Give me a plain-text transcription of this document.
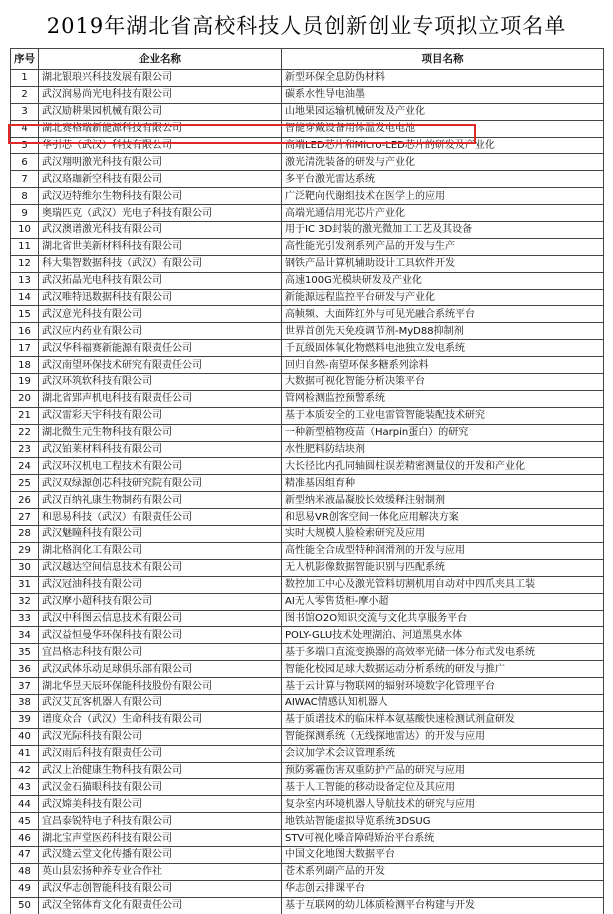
2019年湖北省高校科技人员创新创业专项拟立项名单
序号	企业名称	项目名称
1	湖北银琅兴科技发展有限公司	新型环保全息防伪材料
2	武汉润易尚光电科技有限公司	碳系水性导电油墨
3	武汉励耕果园机械有限公司	山地果园运输机械研发及产业化
4	湖北赛格瑞新能源科技有限公司	智能穿戴设备用体温发电电池
5	华引芯（武汉）科技有限公司	高端LED芯片和Micro-LED芯片的研发及产业化
6	武汉翔明激光科技有限公司	激光清洗装备的研发与产业化
7	武汉珞珈新空科技有限公司	多平台激光雷达系统
8	武汉迈特维尔生物科技有限公司	广泛靶向代谢组技术在医学上的应用
9	奥瑞匹克（武汉）光电子科技有限公司	高端光通信用光芯片产业化
10	武汉澳谱激光科技有限公司	用于IC 3D封装的激光微加工工艺及其设备
11	湖北省世美新材料科技有限公司	高性能光引发剂系列产品的开发与生产
12	科大集智数据科技（武汉）有限公司	钢铁产品计算机辅助设计工具软件开发
13	武汉拓晶光电科技有限公司	高速100G光模块研发及产业化
14	武汉唯特迅数据科技有限公司	新能源远程监控平台研发与产业化
15	武汉意光科技有限公司	高帧频、大面阵红外与可见光融合系统平台
16	武汉应内药业有限公司	世界首创先天免疫调节剂-MyD88抑制剂
17	武汉华科福赛新能源有限责任公司	千瓦级固体氧化物燃料电池独立发电系统
18	武汉南望环保技术研究有限责任公司	回归自然-南望环保多糖系列涂料
19	武汉环筑软科技有限公司	大数据可视化智能分析决策平台
20	湖北省郢声机电科技有限责任公司	管网检测监控预警系统
21	武汉雷彩天宇科技有限公司	基于本质安全的工业电雷管智能装配技术研究
22	湖北微生元生物科技有限公司	一种新型植物疫苗（Harpin蛋白）的研究
23	武汉铂莱材料科技有限公司	水性肥料防结块剂
24	武汉环汉机电工程技术有限公司	大长径比内孔同轴圆柱误差精密测量仪的开发和产业化
25	武汉双绿源创芯科技研究院有限公司	精准基因组育种
26	武汉百纳礼康生物制药有限公司	新型纳米液晶凝胶长效缓释注射制剂
27	和思易科技（武汉）有限责任公司	和思易VR创客空间一体化应用解决方案
28	武汉魅瞳科技有限公司	实时大规模人脸检索研究及应用
29	湖北格润化工有限公司	高性能全合成型特种润滑剂的开发与应用
30	武汉越达空间信息技术有限公司	无人机影像数据智能识别与匹配系统
31	武汉冠油科技有限公司	数控加工中心及激光管料切割机用自动对中四爪夹具工装
32	武汉摩小超科技有限公司	AI无人零售货柜-摩小超
33	武汉中科图云信息技术有限公司	图书馆O2O知识交流与文化共享服务平台
34	武汉益恒曼华环保科技有限公司	POLY-GLU技术处理湖泊、河道黑臭水体
35	宜昌格志科技有限公司	基于多端口直流变换器的高效率光储一体分布式发电系统
36	武汉武体乐动足球俱乐部有限公司	智能化校园足球大数据运动分析系统的研发与推广
37	湖北华昱天辰环保能科技股份有限公司	基于云计算与物联网的辐射环境数字化管理平台
38	武汉艾瓦客机器人有限公司	AIWAC情感认知机器人
39	谱度众合（武汉）生命科技有限公司	基于质谱技术的临床样本氨基酸快速检测试剂盒研发
40	武汉光际科技有限公司	智能探测系统（无线探地雷达）的开发与应用
41	武汉雨后科技有限责任公司	会议加学术会议管理系统
42	武汉上治健康生物科技有限公司	预防雾霾伤害双重防护产品的研究与应用
43	武汉金石猫眼科技有限公司	基于人工智能的移动设备定位及其应用
44	武汉嫦美科技有限公司	复杂室内环境机器人导航技术的研究与应用
45	宜昌泰锐特电子科技有限公司	地铁站智能虚拟导览系统3DSUG
46	湖北宝声堂医药科技有限公司	STV可视化嗓音障碍矫治平台系统
47	武汉缝云堂文化传播有限公司	中国文化地图大数据平台
48	英山县宏扬种养专业合作社	苍术系列副产品的开发
49	武汉华志创智能科技有限公司	华志创云排课平台
50	武汉全铭体育文化有限责任公司	基于互联网的幼儿体质检测平台构建与开发
